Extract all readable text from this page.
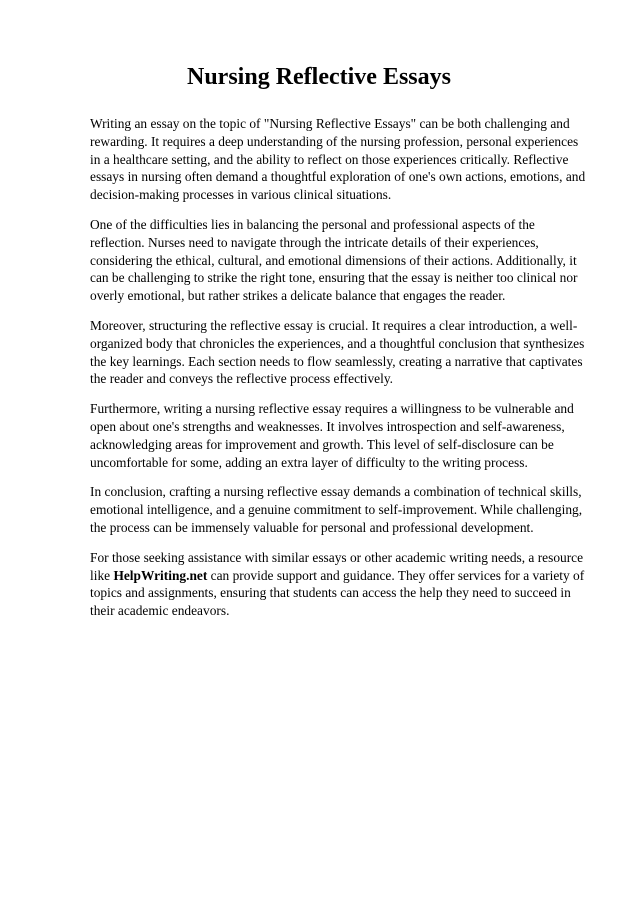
Nursing Reflective Essays

Writing an essay on the topic of "Nursing Reflective Essays" can be both challenging and rewarding. It requires a deep understanding of the nursing profession, personal experiences in a healthcare setting, and the ability to reflect on those experiences critically. Reflective essays in nursing often demand a thoughtful exploration of one's own actions, emotions, and decision-making processes in various clinical situations.

One of the difficulties lies in balancing the personal and professional aspects of the reflection. Nurses need to navigate through the intricate details of their experiences, considering the ethical, cultural, and emotional dimensions of their actions. Additionally, it can be challenging to strike the right tone, ensuring that the essay is neither too clinical nor overly emotional, but rather strikes a delicate balance that engages the reader.

Moreover, structuring the reflective essay is crucial. It requires a clear introduction, a well-organized body that chronicles the experiences, and a thoughtful conclusion that synthesizes the key learnings. Each section needs to flow seamlessly, creating a narrative that captivates the reader and conveys the reflective process effectively.

Furthermore, writing a nursing reflective essay requires a willingness to be vulnerable and open about one's strengths and weaknesses. It involves introspection and self-awareness, acknowledging areas for improvement and growth. This level of self-disclosure can be uncomfortable for some, adding an extra layer of difficulty to the writing process.

In conclusion, crafting a nursing reflective essay demands a combination of technical skills, emotional intelligence, and a genuine commitment to self-improvement. While challenging, the process can be immensely valuable for personal and professional development.

For those seeking assistance with similar essays or other academic writing needs, a resource like HelpWriting.net can provide support and guidance. They offer services for a variety of topics and assignments, ensuring that students can access the help they need to succeed in their academic endeavors.
